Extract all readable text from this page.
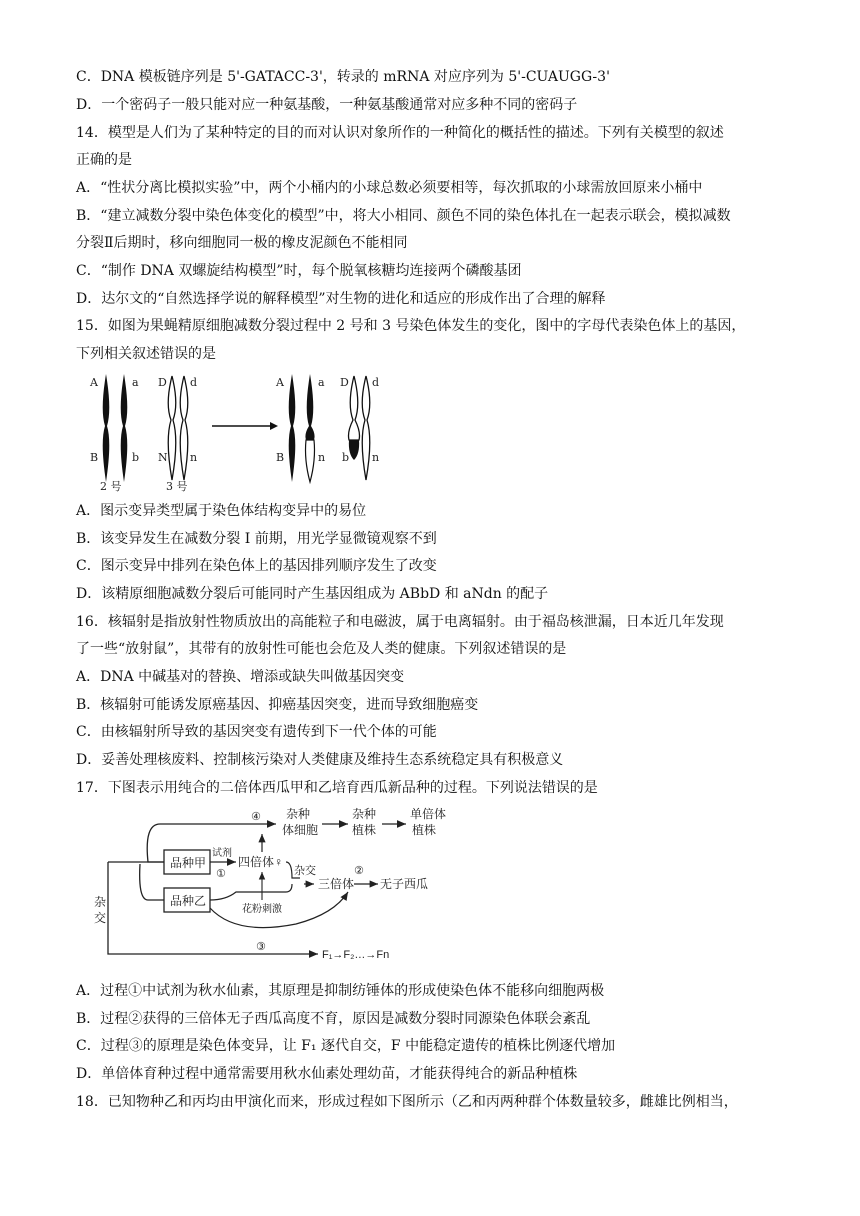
C．DNA 模板链序列是 5'-GATACC-3'，转录的 mRNA 对应序列为 5'-CUAUGG-3'
D．一个密码子一般只能对应一种氨基酸，一种氨基酸通常对应多种不同的密码子
14．模型是人们为了某种特定的目的而对认识对象所作的一种简化的概括性的描述。下列有关模型的叙述
正确的是
A．“性状分离比模拟实验”中，两个小桶内的小球总数必须要相等，每次抓取的小球需放回原来小桶中
B．“建立减数分裂中染色体变化的模型”中，将大小相同、颜色不同的染色体扎在一起表示联会，模拟减数
分裂Ⅱ后期时，移向细胞同一极的橡皮泥颜色不能相同
C．“制作 DNA 双螺旋结构模型”时，每个脱氧核糖均连接两个磷酸基团
D．达尔文的“自然选择学说的解释模型”对生物的进化和适应的形成作出了合理的解释
15．如图为果蝇精原细胞减数分裂过程中 2 号和 3 号染色体发生的变化，图中的字母代表染色体上的基因，
下列相关叙述错误的是
A	a
B	b
2 号
D d
N n
3 号
A	a
B	n
D d
b n
A．图示变异类型属于染色体结构变异中的易位
B．该变异发生在减数分裂 I 前期，用光学显微镜观察不到
C．图示变异中排列在染色体上的基因排列顺序发生了改变
D．该精原细胞减数分裂后可能同时产生基因组成为 ABbD 和 aNdn 的配子
16．核辐射是指放射性物质放出的高能粒子和电磁波，属于电离辐射。由于福岛核泄漏，日本近几年发现
了一些“放射鼠”，其带有的放射性可能也会危及人类的健康。下列叙述错误的是
A．DNA 中碱基对的替换、增添或缺失叫做基因突变
B．核辐射可能诱发原癌基因、抑癌基因突变，进而导致细胞癌变
C．由核辐射所导致的基因突变有遗传到下一代个体的可能
D．妥善处理核废料、控制核污染对人类健康及维持生态系统稳定具有积极意义
17．下图表示用纯合的二倍体西瓜甲和乙培育西瓜新品种的过程。下列说法错误的是
品种甲
品种乙
④ 杂种
体细胞
杂种
植株
单倍体
植株
试剂
①
四倍体♀
杂交
三倍体
②
无子西瓜
花粉刺激
杂
交
③
F₁→F₂…→Fn
A．过程①中试剂为秋水仙素，其原理是抑制纺锤体的形成使染色体不能移向细胞两极
B．过程②获得的三倍体无子西瓜高度不育，原因是减数分裂时同源染色体联会紊乱
C．过程③的原理是染色体变异，让 F₁ 逐代自交，F 中能稳定遗传的植株比例逐代增加
D．单倍体育种过程中通常需要用秋水仙素处理幼苗，才能获得纯合的新品种植株
18．已知物种乙和丙均由甲演化而来，形成过程如下图所示（乙和丙两种群个体数量较多，雌雄比例相当，
